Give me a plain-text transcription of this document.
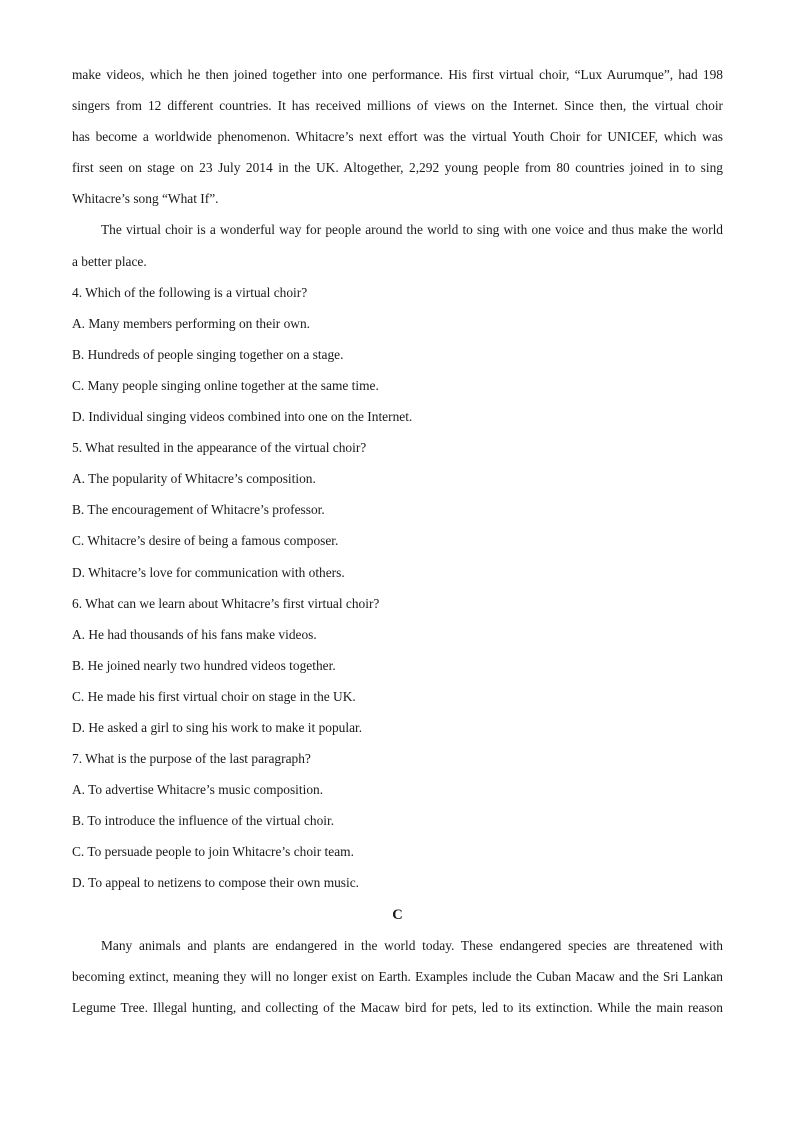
make videos, which he then joined together into one performance. His first virtual choir, “Lux Aurumque”, had 198
singers from 12 different countries. It has received millions of views on the Internet. Since then, the virtual choir
has become a worldwide phenomenon. Whitacre’s next effort was the virtual Youth Choir for UNICEF, which was
first seen on stage on 23 July 2014 in the UK. Altogether, 2,292 young people from 80 countries joined in to sing
Whitacre’s song “What If”.
The virtual choir is a wonderful way for people around the world to sing with one voice and thus make the world
a better place.
4. Which of the following is a virtual choir?
A. Many members performing on their own.
B. Hundreds of people singing together on a stage.
C. Many people singing online together at the same time.
D. Individual singing videos combined into one on the Internet.
5. What resulted in the appearance of the virtual choir?
A. The popularity of Whitacre’s composition.
B. The encouragement of Whitacre’s professor.
C. Whitacre’s desire of being a famous composer.
D. Whitacre’s love for communication with others.
6. What can we learn about Whitacre’s first virtual choir?
A. He had thousands of his fans make videos.
B. He joined nearly two hundred videos together.
C. He made his first virtual choir on stage in the UK.
D. He asked a girl to sing his work to make it popular.
7. What is the purpose of the last paragraph?
A. To advertise Whitacre’s music composition.
B. To introduce the influence of the virtual choir.
C. To persuade people to join Whitacre’s choir team.
D. To appeal to netizens to compose their own music.
C
Many animals and plants are endangered in the world today. These endangered species are threatened with
becoming extinct, meaning they will no longer exist on Earth. Examples include the Cuban Macaw and the Sri Lankan
Legume Tree. Illegal hunting, and collecting of the Macaw bird for pets, led to its extinction. While the main reason
